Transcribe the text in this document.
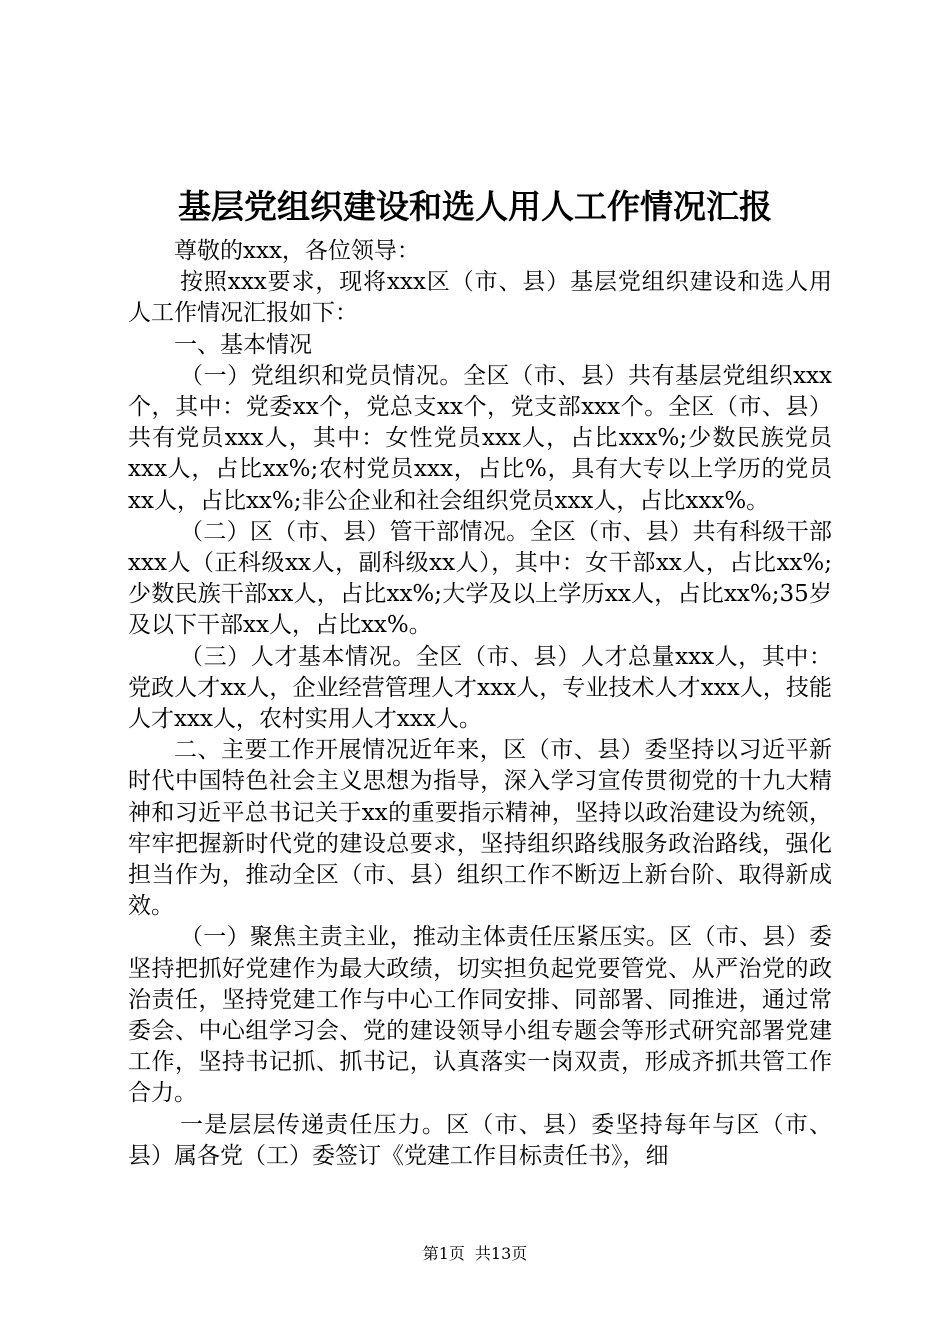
基层党组织建设和选人用人工作情况汇报

尊敬的xxx，各位领导：

按照xxx要求，现将xxx区（市、县）基层党组织建设和选人用人工作情况汇报如下：

一、基本情况

（一）党组织和党员情况。全区（市、县）共有基层党组织xxx个，其中：党委xx个，党总支xx个，党支部xxx个。全区（市、县）共有党员xxx人，其中：女性党员xxx人，占比xxx%;少数民族党员xxx人，占比xx%;农村党员xxx，占比%，具有大专以上学历的党员xx人，占比xx%;非公企业和社会组织党员xxx人，占比xxx%。

（二）区（市、县）管干部情况。全区（市、县）共有科级干部xxx人（正科级xx人，副科级xx人），其中：女干部xx人，占比xx%;少数民族干部xx人，占比xx%;大学及以上学历xx人，占比xx%;35岁及以下干部xx人，占比xx%。

（三）人才基本情况。全区（市、县）人才总量xxx人，其中：党政人才xx人，企业经营管理人才xxx人，专业技术人才xxx人，技能人才xxx人，农村实用人才xxx人。

二、主要工作开展情况近年来，区（市、县）委坚持以习近平新时代中国特色社会主义思想为指导，深入学习宣传贯彻党的十九大精神和习近平总书记关于xx的重要指示精神，坚持以政治建设为统领，牢牢把握新时代党的建设总要求，坚持组织路线服务政治路线，强化担当作为，推动全区（市、县）组织工作不断迈上新台阶、取得新成效。

（一）聚焦主责主业，推动主体责任压紧压实。区（市、县）委坚持把抓好党建作为最大政绩，切实担负起党要管党、从严治党的政治责任，坚持党建工作与中心工作同安排、同部署、同推进，通过常委会、中心组学习会、党的建设领导小组专题会等形式研究部署党建工作，坚持书记抓、抓书记，认真落实一岗双责，形成齐抓共管工作合力。

一是层层传递责任压力。区（市、县）委坚持每年与区（市、县）属各党（工）委签订《党建工作目标责任书》，细

第1页 共13页
